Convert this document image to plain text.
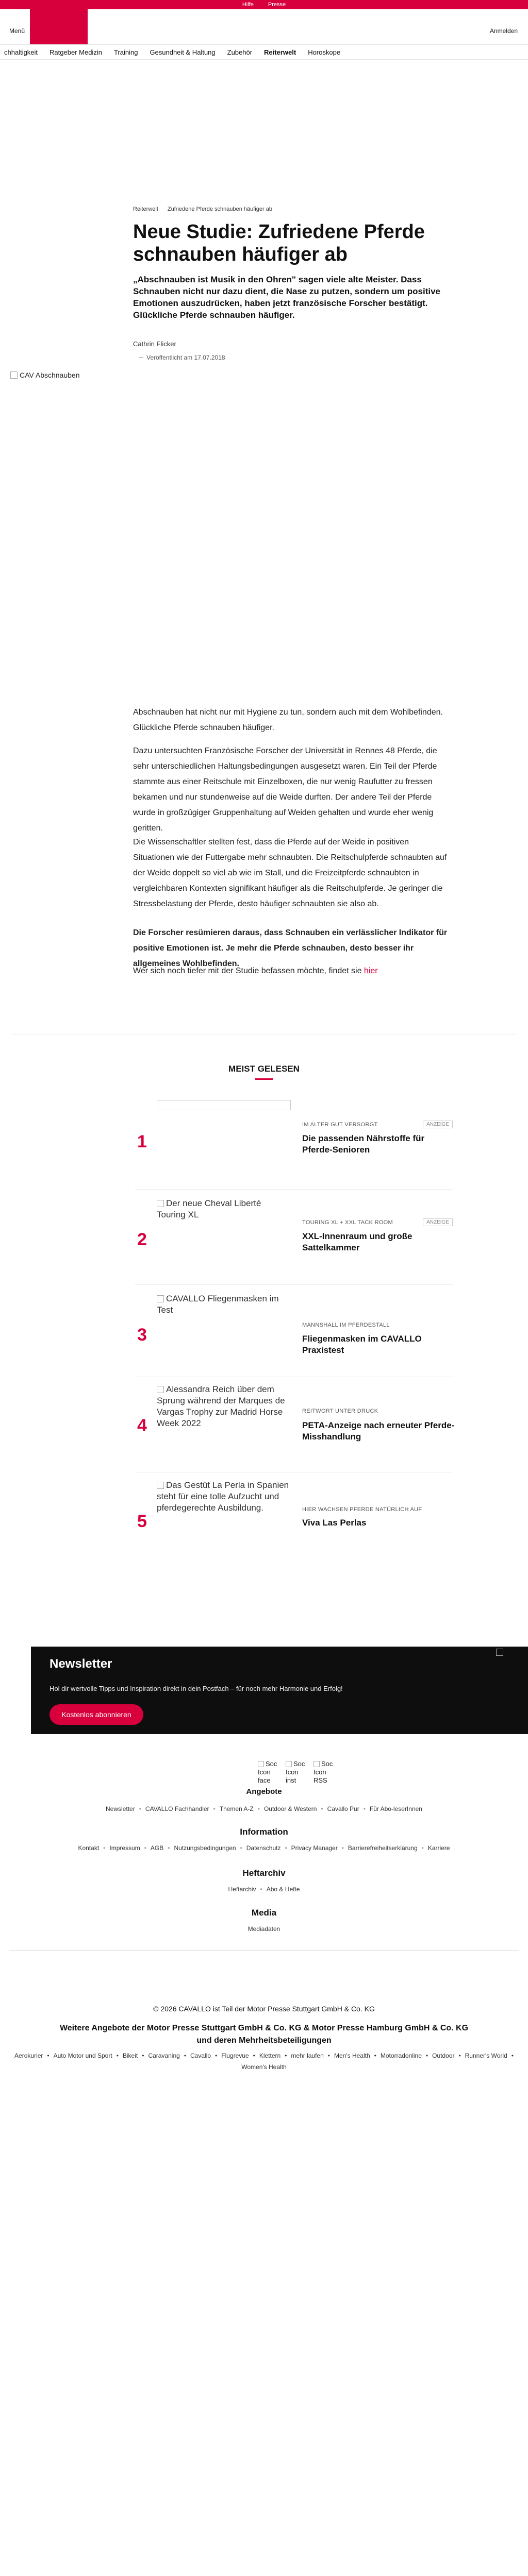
Hilfe	Presse
Menü	Anmelden
chhaltigkeit Ratgeber Medizin Training Gesundheit & Haltung Zubehör Reiterwelt Horoskope
Reiterwelt Zufriedene Pferde schnauben häufiger ab
Neue Studie: Zufriedene Pferde schnauben häufiger ab

„Abschnauben ist Musik in den Ohren" sagen viele alte Meister. Dass Schnauben nicht nur dazu dient, die Nase zu putzen, sondern um positive Emotionen auszudrücken, haben jetzt französische Forscher bestätigt. Glückliche Pferde schnauben häufiger.

Cathrin Flicker
Veröffentlicht am 17.07.2018
CAV Abschnauben

Abschnauben hat nicht nur mit Hygiene zu tun, sondern auch mit dem Wohlbefinden. Glückliche Pferde schnauben häufiger.

Dazu untersuchten Französische Forscher der Universität in Rennes 48 Pferde, die sehr unterschiedlichen Haltungsbedingungen ausgesetzt waren. Ein Teil der Pferde stammte aus einer Reitschule mit Einzelboxen, die nur wenig Raufutter zu fressen bekamen und nur stundenweise auf die Weide durften. Der andere Teil der Pferde wurde in großzügiger Gruppenhaltung auf Weiden gehalten und wurde eher wenig geritten.

Die Wissenschaftler stellten fest, dass die Pferde auf der Weide in positiven Situationen wie der Futtergabe mehr schnaubten. Die Reitschulpferde schnaubten auf der Weide doppelt so viel ab wie im Stall, und die Freizeitpferde schnaubten in vergleichbaren Kontexten signifikant häufiger als die Reitschulpferde. Je geringer die Stressbelastung der Pferde, desto häufiger schnaubten sie also ab.

Die Forscher resümieren daraus, dass Schnauben ein verlässlicher Indikator für positive Emotionen ist. Je mehr die Pferde schnauben, desto besser ihr allgemeines Wohlbefinden.

Wer sich noch tiefer mit der Studie befassen möchte, findet sie hier

MEIST GELESEN
1
IM ALTER GUT VERSORGT	ANZEIGE
Die passenden Nährstoffe für Pferde-Senioren
2
Der neue Cheval Liberté Touring XL
TOURING XL + XXL TACK ROOM	ANZEIGE
XXL-Innenraum und große Sattelkammer
3
CAVALLO Fliegenmasken im Test
MANNSHALL IM PFERDESTALL
Fliegenmasken im CAVALLO Praxistest
4
Alessandra Reich über dem Sprung während der Marques de Vargas Trophy zur Madrid Horse Week 2022
REITWORT UNTER DRUCK
PETA-Anzeige nach erneuter Pferde-Misshandlung
5
Das Gestüt La Perla in Spanien steht für eine tolle Aufzucht und pferdegerechte Ausbildung.	HIER WACHSEN PFERDE NATÜRLICH AUF
Viva Las Perlas
Newsletter

Hol dir wertvolle Tipps und Inspiration direkt in dein Postfach – für noch mehr Harmonie und Erfolg!

Kostenlos abonnieren
Soc Icon face
Soc Icon inst
Soc Icon RSS
Angebote
Newsletter • CAVALLO Fachhandler • Themen A-Z • Outdoor & Western • Cavallo Pur • Für Abo-leserInnen
Information
Kontakt • Impressum • AGB • Nutzungsbedingungen • Datenschutz • Privacy Manager • Barrierefreiheitserklärung • Karriere
Heftarchiv
Heftarchiv • Abo & Hefte
Media
Mediadaten
© 2026 CAVALLO ist Teil der Motor Presse Stuttgart GmbH & Co. KG
Weitere Angebote der Motor Presse Stuttgart GmbH & Co. KG & Motor Presse Hamburg GmbH & Co. KG und deren Mehrheitsbeteiligungen
Aerokurier • Auto Motor und Sport • Bikeit • Caravaning • Cavallo • Flugrevue • Klettern • mehr laufen • Men's Health • Motorradonline • Outdoor • Runner's World •
Women's Health
